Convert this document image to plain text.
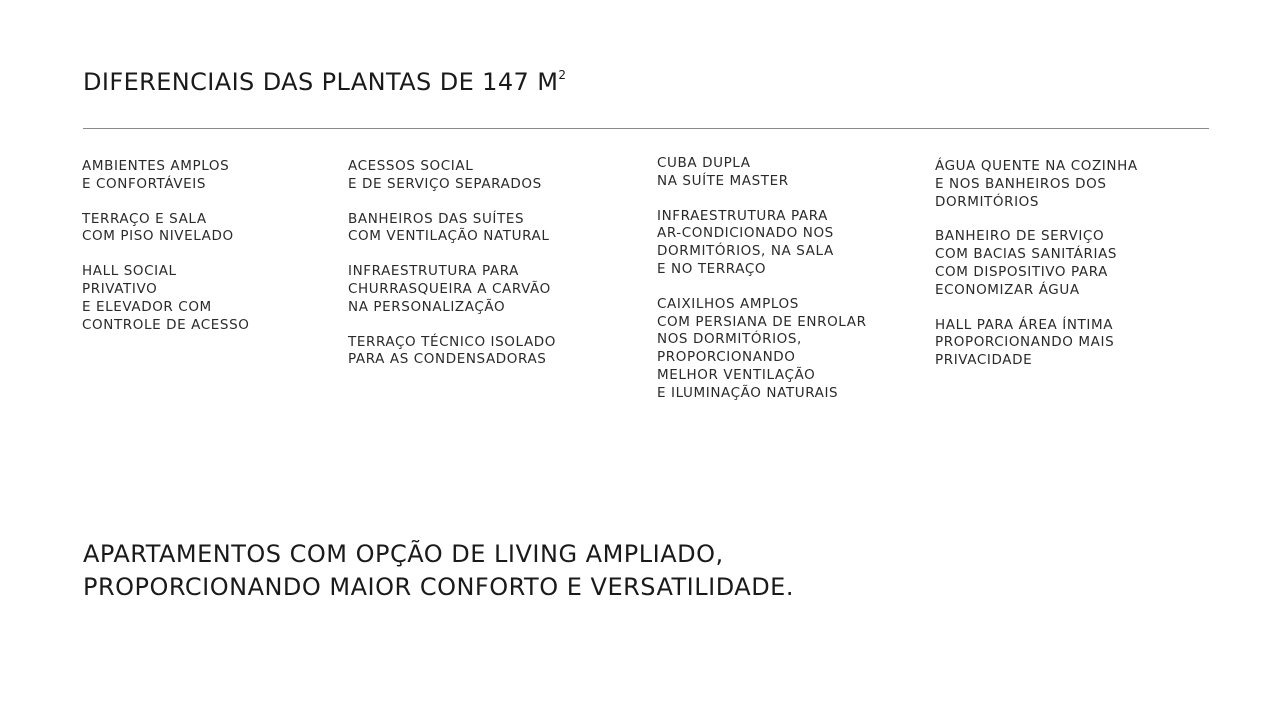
DIFERENCIAIS DAS PLANTAS DE 147 $M^2$
AMBIENTES AMPLOS
E CONFORTÁVEIS
TERRAÇO E SALA
COM PISO NIVELADO
HALL SOCIAL
PRIVATIVO
E ELEVADOR COM
CONTROLE DE ACESSO
ACESSOS SOCIAL
E DE SERVIÇO SEPARADOS
BANHEIROS DAS SUÍTES
COM VENTILAÇÃO NATURAL
INFRAESTRUTURA PARA
CHURRASQUEIRA A CARVÃO
NA PERSONALIZAÇÃO
TERRAÇO TÉCNICO ISOLADO
PARA AS CONDENSADORAS
CUBA DUPLA
NA SUÍTE MASTER
INFRAESTRUTURA PARA
AR-CONDICIONADO NOS
DORMITÓRIOS, NA SALA
E NO TERRAÇO
CAIXILHOS AMPLOS
COM PERSIANA DE ENROLAR
NOS DORMITÓRIOS,
PROPORCIONANDO
MELHOR VENTILAÇÃO
E ILUMINAÇÃO NATURAIS
ÁGUA QUENTE NA COZINHA
E NOS BANHEIROS DOS
DORMITÓRIOS
BANHEIRO DE SERVIÇO
COM BACIAS SANITÁRIAS
COM DISPOSITIVO PARA
ECONOMIZAR ÁGUA
HALL PARA ÁREA ÍNTIMA
PROPORCIONANDO MAIS
PRIVACIDADE
APARTAMENTOS COM OPÇÃO DE LIVING AMPLIADO,
PROPORCIONANDO MAIOR CONFORTO E VERSATILIDADE.
